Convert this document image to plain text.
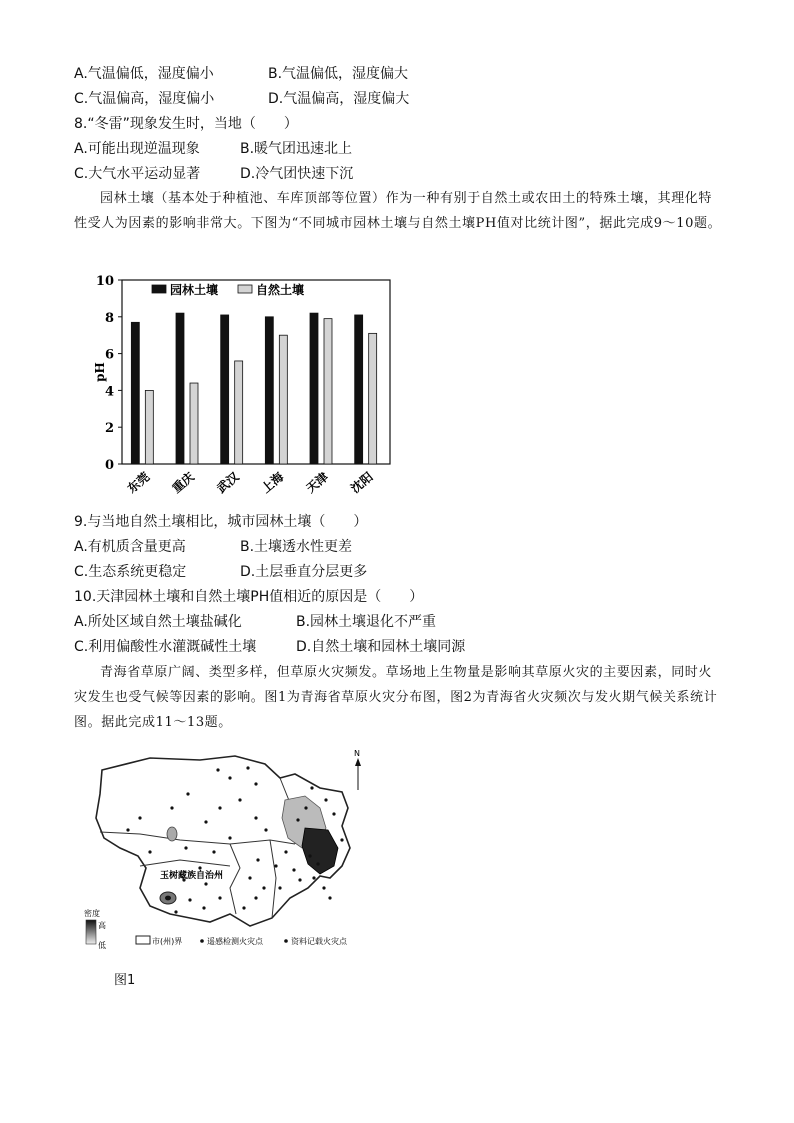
A.气温偏低，湿度偏小	B.气温偏低，湿度偏大
C.气温偏高，湿度偏小	D.气温偏高，湿度偏大
8.“冬雷”现象发生时，当地（　　）
A.可能出现逆温现象	B.暖气团迅速北上
C.大气水平运动显著	D.冷气团快速下沉
园林土壤（基本处于种植池、车库顶部等位置）作为一种有别于自然土或农田土的特殊土壤，其理化特性受人为因素的影响非常大。下图为“不同城市园林土壤与自然土壤PH值对比统计图”，据此完成9～10题。
0
2
4
6
8
10
pH
东莞 重庆 武汉 上海 天津 沈阳
园林土壤	自然土壤
9.与当地自然土壤相比，城市园林土壤（　　）
A.有机质含量更高	B.土壤透水性更差
C.生态系统更稳定	D.土层垂直分层更多
10.天津园林土壤和自然土壤PH值相近的原因是（　　）
A.所处区域自然土壤盐碱化	B.园林土壤退化不严重
C.利用偏酸性水灌溉碱性土壤	D.自然土壤和园林土壤同源
青海省草原广阔、类型多样，但草原火灾频发。草场地上生物量是影响其草原火灾的主要因素，同时火灾发生也受气候等因素的影响。图1为青海省草原火灾分布图，图2为青海省火灾频次与发火期气候关系统计图。据此完成11～13题。
N
玉树藏族自治州
密度
高
低	市(州)界	遥感检测火灾点	资料记载火灾点
图1
